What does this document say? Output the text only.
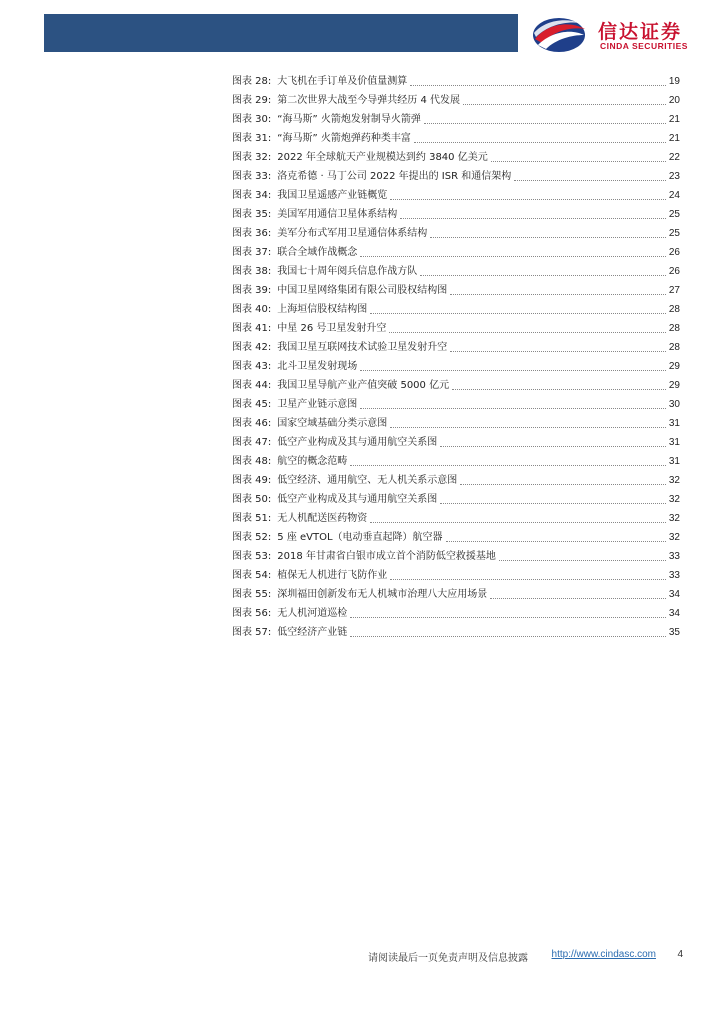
信达证券
CINDA SECURITIES
图表 28: 大飞机在手订单及价值量测算	19
图表 29: 第二次世界大战至今导弹共经历 4 代发展	20
图表 30: “海马斯” 火箭炮发射制导火箭弹	21
图表 31: “海马斯” 火箭炮弹药种类丰富	21
图表 32: 2022 年全球航天产业规模达到约 3840 亿美元	22
图表 33: 洛克希德 · 马丁公司 2022 年提出的 ISR 和通信架构	23
图表 34: 我国卫星遥感产业链概览	24
图表 35: 美国军用通信卫星体系结构	25
图表 36: 美军分布式军用卫星通信体系结构	25
图表 37: 联合全域作战概念	26
图表 38: 我国七十周年阅兵信息作战方队	26
图表 39: 中国卫星网络集团有限公司股权结构图	27
图表 40: 上海垣信股权结构图	28
图表 41: 中星 26 号卫星发射升空	28
图表 42: 我国卫星互联网技术试验卫星发射升空	28
图表 43: 北斗卫星发射现场	29
图表 44: 我国卫星导航产业产值突破 5000 亿元	29
图表 45: 卫星产业链示意图	30
图表 46: 国家空域基础分类示意图	31
图表 47: 低空产业构成及其与通用航空关系图	31
图表 48: 航空的概念范畴	31
图表 49: 低空经济、通用航空、无人机关系示意图	32
图表 50: 低空产业构成及其与通用航空关系图	32
图表 51: 无人机配送医药物资	32
图表 52: 5 座 eVTOL（电动垂直起降）航空器	32
图表 53: 2018 年甘肃省白银市成立首个消防低空救援基地	33
图表 54: 植保无人机进行飞防作业	33
图表 55: 深圳福田创新发布无人机城市治理八大应用场景	34
图表 56: 无人机河道巡检	34
图表 57: 低空经济产业链	35
请阅读最后一页免责声明及信息披露 http://www.cindasc.com 4
